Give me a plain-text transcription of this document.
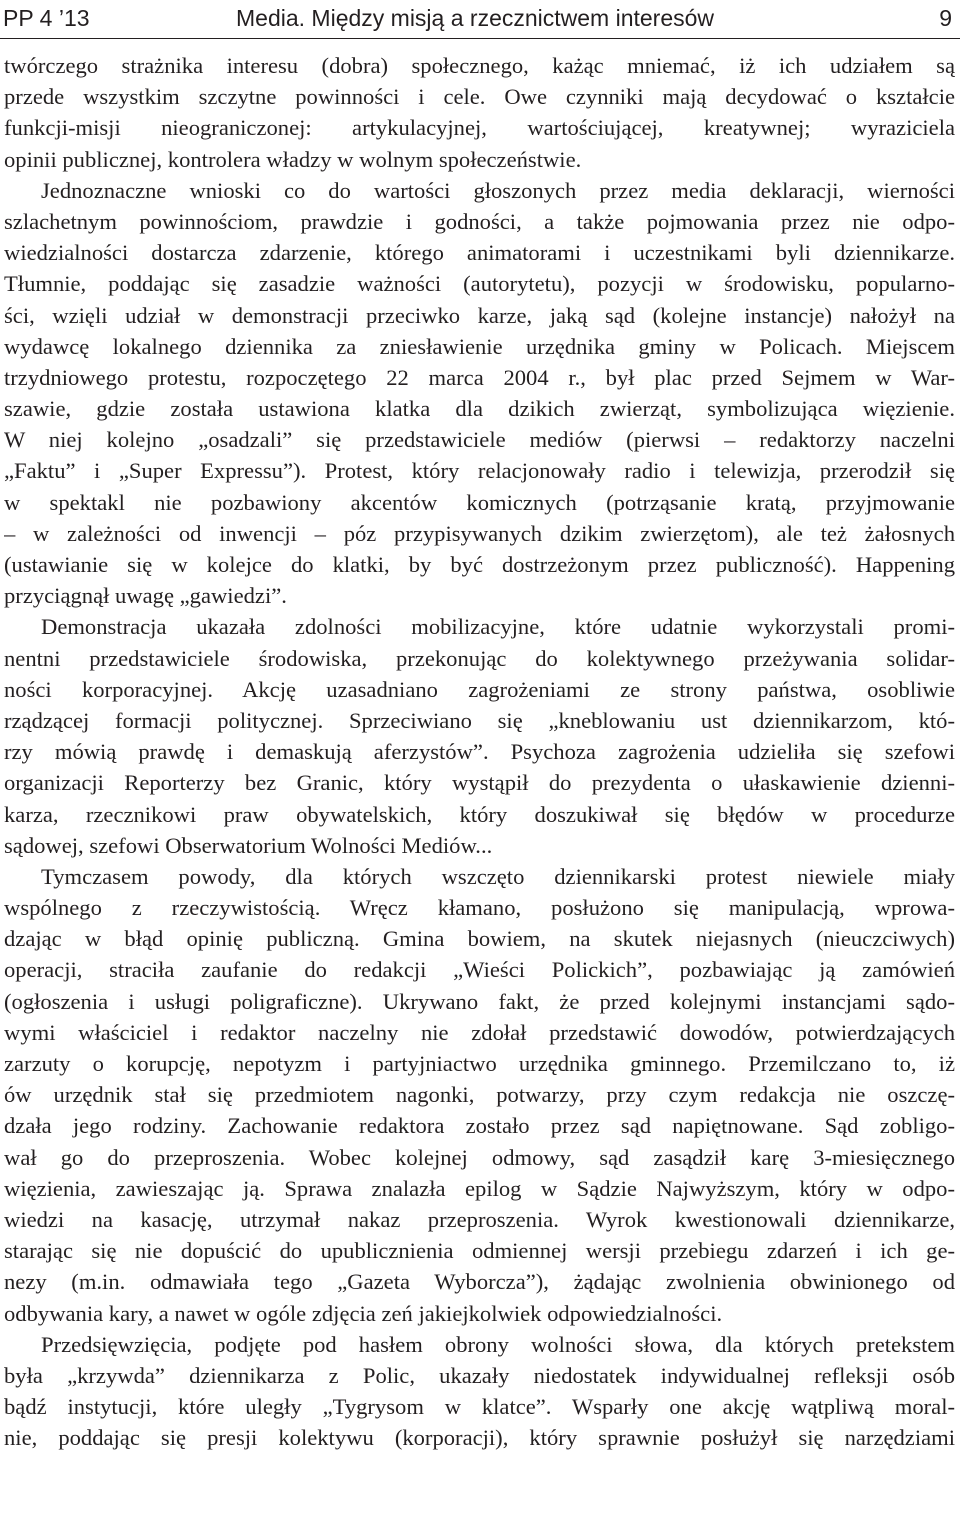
PP 4 ’13	Media. Między misją a rzecznictwem interesów	9
twórczego strażnika interesu (dobra) społecznego, każąc mniemać, iż ich udziałem są
przede wszystkim szczytne powinności i cele. Owe czynniki mają decydować o kształcie
funkcji-misji nieograniczonej: artykulacyjnej, wartościującej, kreatywnej; wyraziciela
opinii publicznej, kontrolera władzy w wolnym społeczeństwie.
Jednoznaczne wnioski co do wartości głoszonych przez media deklaracji, wierności
szlachetnym powinnościom, prawdzie i godności, a także pojmowania przez nie odpo-
wiedzialności dostarcza zdarzenie, którego animatorami i uczestnikami byli dziennikarze.
Tłumnie, poddając się zasadzie ważności (autorytetu), pozycji w środowisku, popularno-
ści, wzięli udział w demonstracji przeciwko karze, jaką sąd (kolejne instancje) nałożył na
wydawcę lokalnego dziennika za zniesławienie urzędnika gminy w Policach. Miejscem
trzydniowego protestu, rozpoczętego 22 marca 2004 r., był plac przed Sejmem w War-
szawie, gdzie została ustawiona klatka dla dzikich zwierząt, symbolizująca więzienie.
W niej kolejno „osadzali” się przedstawiciele mediów (pierwsi – redaktorzy naczelni
„Faktu” i „Super Expressu”). Protest, który relacjonowały radio i telewizja, przerodził się
w spektakl nie pozbawiony akcentów komicznych (potrząsanie kratą, przyjmowanie
– w zależności od inwencji – póz przypisywanych dzikim zwierzętom), ale też żałosnych
(ustawianie się w kolejce do klatki, by być dostrzeżonym przez publiczność). Happening
przyciągnął uwagę „gawiedzi”.
Demonstracja ukazała zdolności mobilizacyjne, które udatnie wykorzystali promi-
nentni przedstawiciele środowiska, przekonując do kolektywnego przeżywania solidar-
ności korporacyjnej. Akcję uzasadniano zagrożeniami ze strony państwa, osobliwie
rządzącej formacji politycznej. Sprzeciwiano się „kneblowaniu ust dziennikarzom, któ-
rzy mówią prawdę i demaskują aferzystów”. Psychoza zagrożenia udzieliła się szefowi
organizacji Reporterzy bez Granic, który wystąpił do prezydenta o ułaskawienie dzienni-
karza, rzecznikowi praw obywatelskich, który doszukiwał się błędów w procedurze
sądowej, szefowi Obserwatorium Wolności Mediów...
Tymczasem powody, dla których wszczęto dziennikarski protest niewiele miały
wspólnego z rzeczywistością. Wręcz kłamano, posłużono się manipulacją, wprowa-
dzając w błąd opinię publiczną. Gmina bowiem, na skutek niejasnych (nieuczciwych)
operacji, straciła zaufanie do redakcji „Wieści Polickich”, pozbawiając ją zamówień
(ogłoszenia i usługi poligraficzne). Ukrywano fakt, że przed kolejnymi instancjami sądo-
wymi właściciel i redaktor naczelny nie zdołał przedstawić dowodów, potwierdzających
zarzuty o korupcję, nepotyzm i partyjniactwo urzędnika gminnego. Przemilczano to, iż
ów urzędnik stał się przedmiotem nagonki, potwarzy, przy czym redakcja nie oszczę-
dzała jego rodziny. Zachowanie redaktora zostało przez sąd napiętnowane. Sąd zobligo-
wał go do przeproszenia. Wobec kolejnej odmowy, sąd zasądził karę 3-miesięcznego
więzienia, zawieszając ją. Sprawa znalazła epilog w Sądzie Najwyższym, który w odpo-
wiedzi na kasację, utrzymał nakaz przeproszenia. Wyrok kwestionowali dziennikarze,
starając się nie dopuścić do upublicznienia odmiennej wersji przebiegu zdarzeń i ich ge-
nezy (m.in. odmawiała tego „Gazeta Wyborcza”), żądając zwolnienia obwinionego od
odbywania kary, a nawet w ogóle zdjęcia zeń jakiejkolwiek odpowiedzialności.
Przedsięwzięcia, podjęte pod hasłem obrony wolności słowa, dla których pretekstem
była „krzywda” dziennikarza z Polic, ukazały niedostatek indywidualnej refleksji osób
bądź instytucji, które uległy „Tygrysom w klatce”. Wsparły one akcję wątpliwą moral-
nie, poddając się presji kolektywu (korporacji), który sprawnie posłużył się narzędziami
